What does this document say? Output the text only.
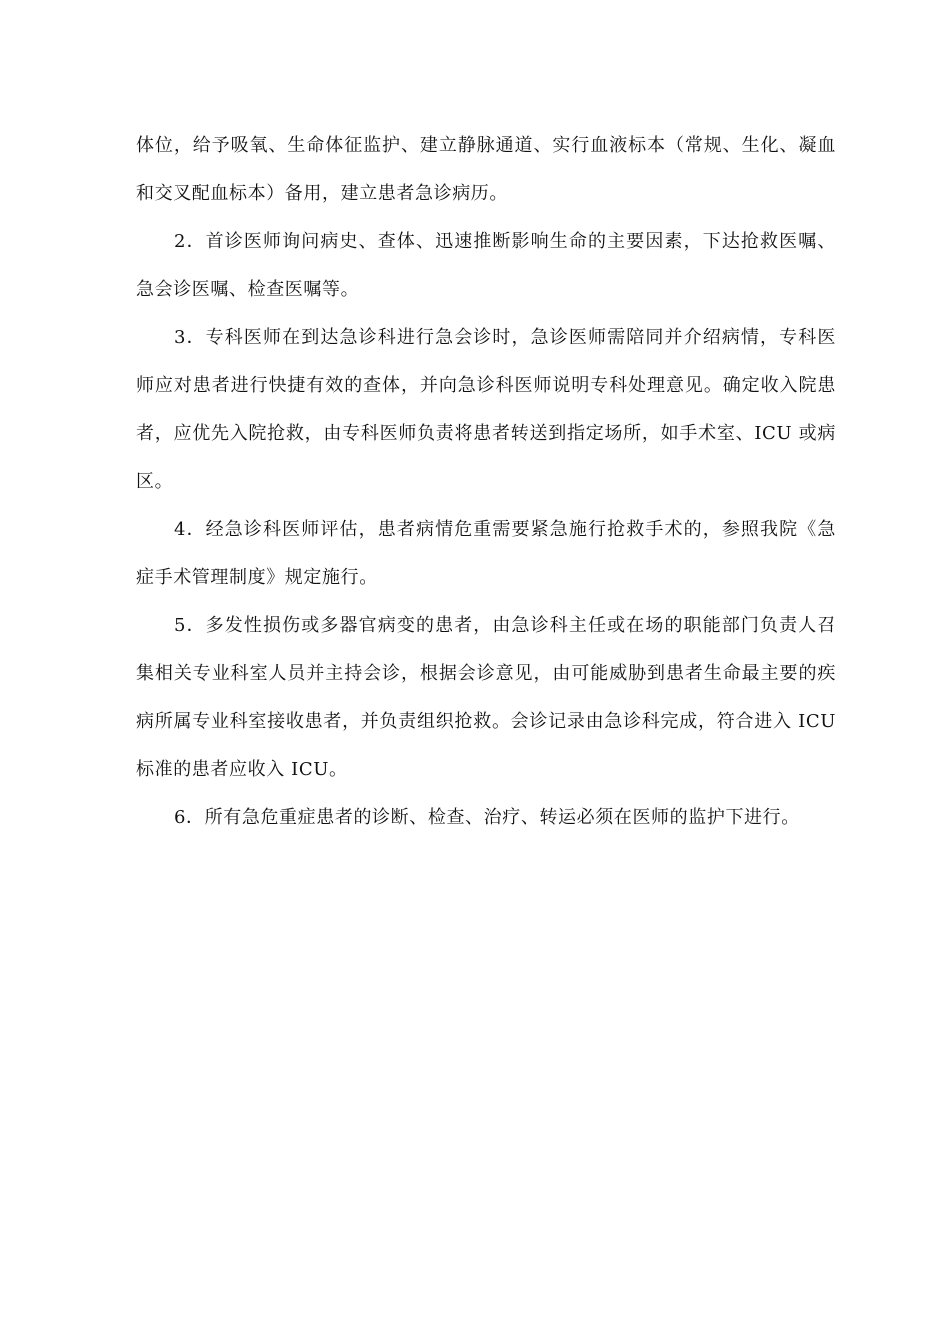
体位，给予吸氧、生命体征监护、建立静脉通道、实行血液标本（常规、生化、凝血和交叉配血标本）备用，建立患者急诊病历。

2．首诊医师询问病史、查体、迅速推断影响生命的主要因素，下达抢救医嘱、急会诊医嘱、检查医嘱等。

3．专科医师在到达急诊科进行急会诊时，急诊医师需陪同并介绍病情，专科医师应对患者进行快捷有效的查体，并向急诊科医师说明专科处理意见。确定收入院患者，应优先入院抢救，由专科医师负责将患者转送到指定场所，如手术室、ICU 或病区。

4．经急诊科医师评估，患者病情危重需要紧急施行抢救手术的，参照我院《急症手术管理制度》规定施行。

5．多发性损伤或多器官病变的患者，由急诊科主任或在场的职能部门负责人召集相关专业科室人员并主持会诊，根据会诊意见，由可能威胁到患者生命最主要的疾病所属专业科室接收患者，并负责组织抢救。会诊记录由急诊科完成，符合进入 ICU 标准的患者应收入 ICU。

6．所有急危重症患者的诊断、检查、治疗、转运必须在医师的监护下进行。
